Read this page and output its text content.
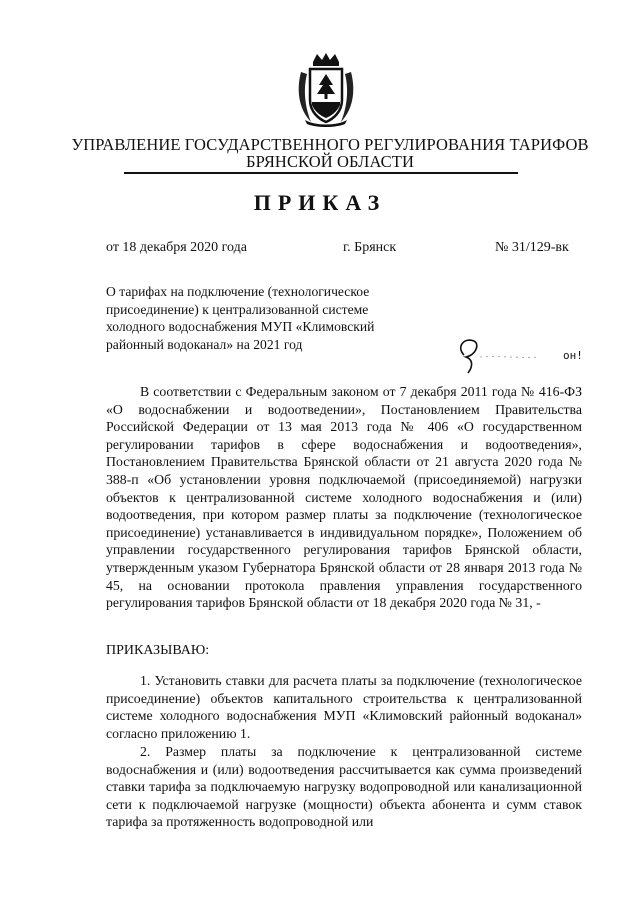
УПРАВЛЕНИЕ ГОСУДАРСТВЕННОГО РЕГУЛИРОВАНИЯ ТАРИФОВ
БРЯНСКОЙ ОБЛАСТИ
ПРИКАЗ
от 18 декабря 2020 года	г. Брянск	№ 31/129-вк
О тарифах на подключение (технологическое присоединение) к централизованной системе холодного водоснабжения МУП «Климовский районный водоканал» на 2021 год
он!

В соответствии с Федеральным законом от 7 декабря 2011 года № 416-ФЗ «О водоснабжении и водоотведении», Постановлением Правительства Российской Федерации от 13 мая 2013 года № 406 «О государственном регулировании тарифов в сфере водоснабжения и водоотведения», Постановлением Правительства Брянской области от 21 августа 2020 года № 388-п «Об установлении уровня подключаемой (присоединяемой) нагрузки объектов к централизованной системе холодного водоснабжения и (или) водоотведения, при котором размер платы за подключение (технологическое присоединение) устанавливается в индивидуальном порядке», Положением об управлении государственного регулирования тарифов Брянской области, утвержденным указом Губернатора Брянской области от 28 января 2013 года № 45, на основании протокола правления управления государственного регулирования тарифов Брянской области от 18 декабря 2020 года № 31, -

ПРИКАЗЫВАЮ:

1. Установить ставки для расчета платы за подключение (технологическое присоединение) объектов капитального строительства к централизованной системе холодного водоснабжения МУП «Климовский районный водоканал» согласно приложению 1.

2. Размер платы за подключение к централизованной системе водоснабжения и (или) водоотведения рассчитывается как сумма произведений ставки тарифа за подключаемую нагрузку водопроводной или канализационной сети к подключаемой нагрузке (мощности) объекта абонента и сумм ставок тарифа за протяженность водопроводной или
